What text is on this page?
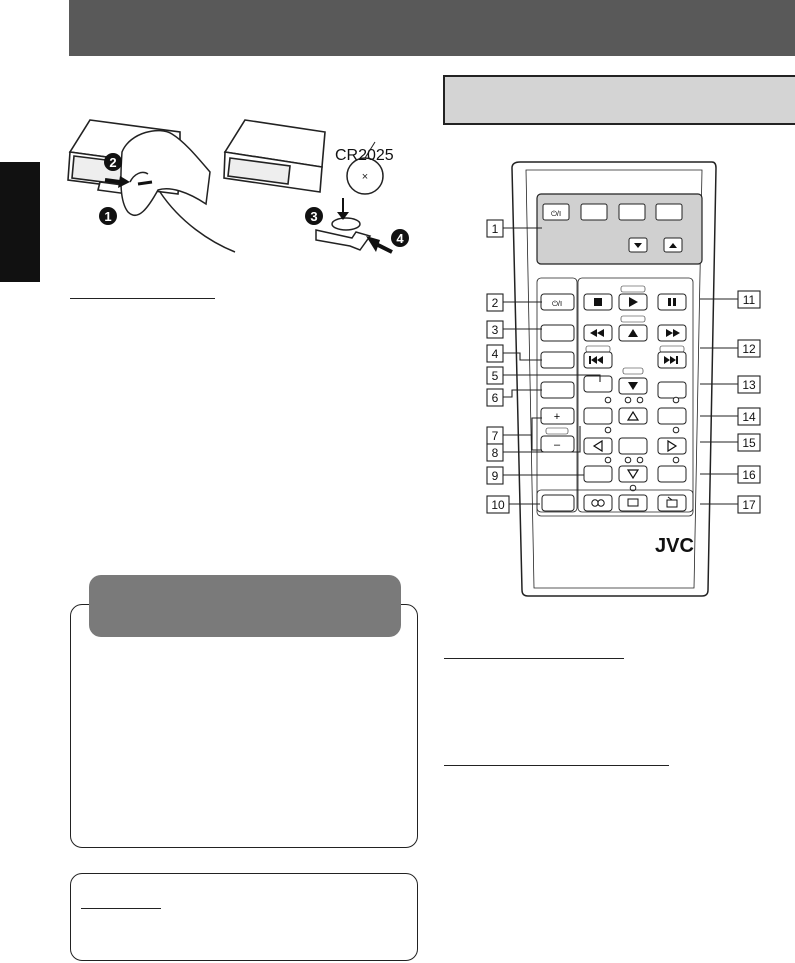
2
1
×
CR2025
3
4
⏻/I
⏻/I
+
–
JVC
1
2
3
4
5
6
7
8
9
10
11
12
13
14
15
16
17
